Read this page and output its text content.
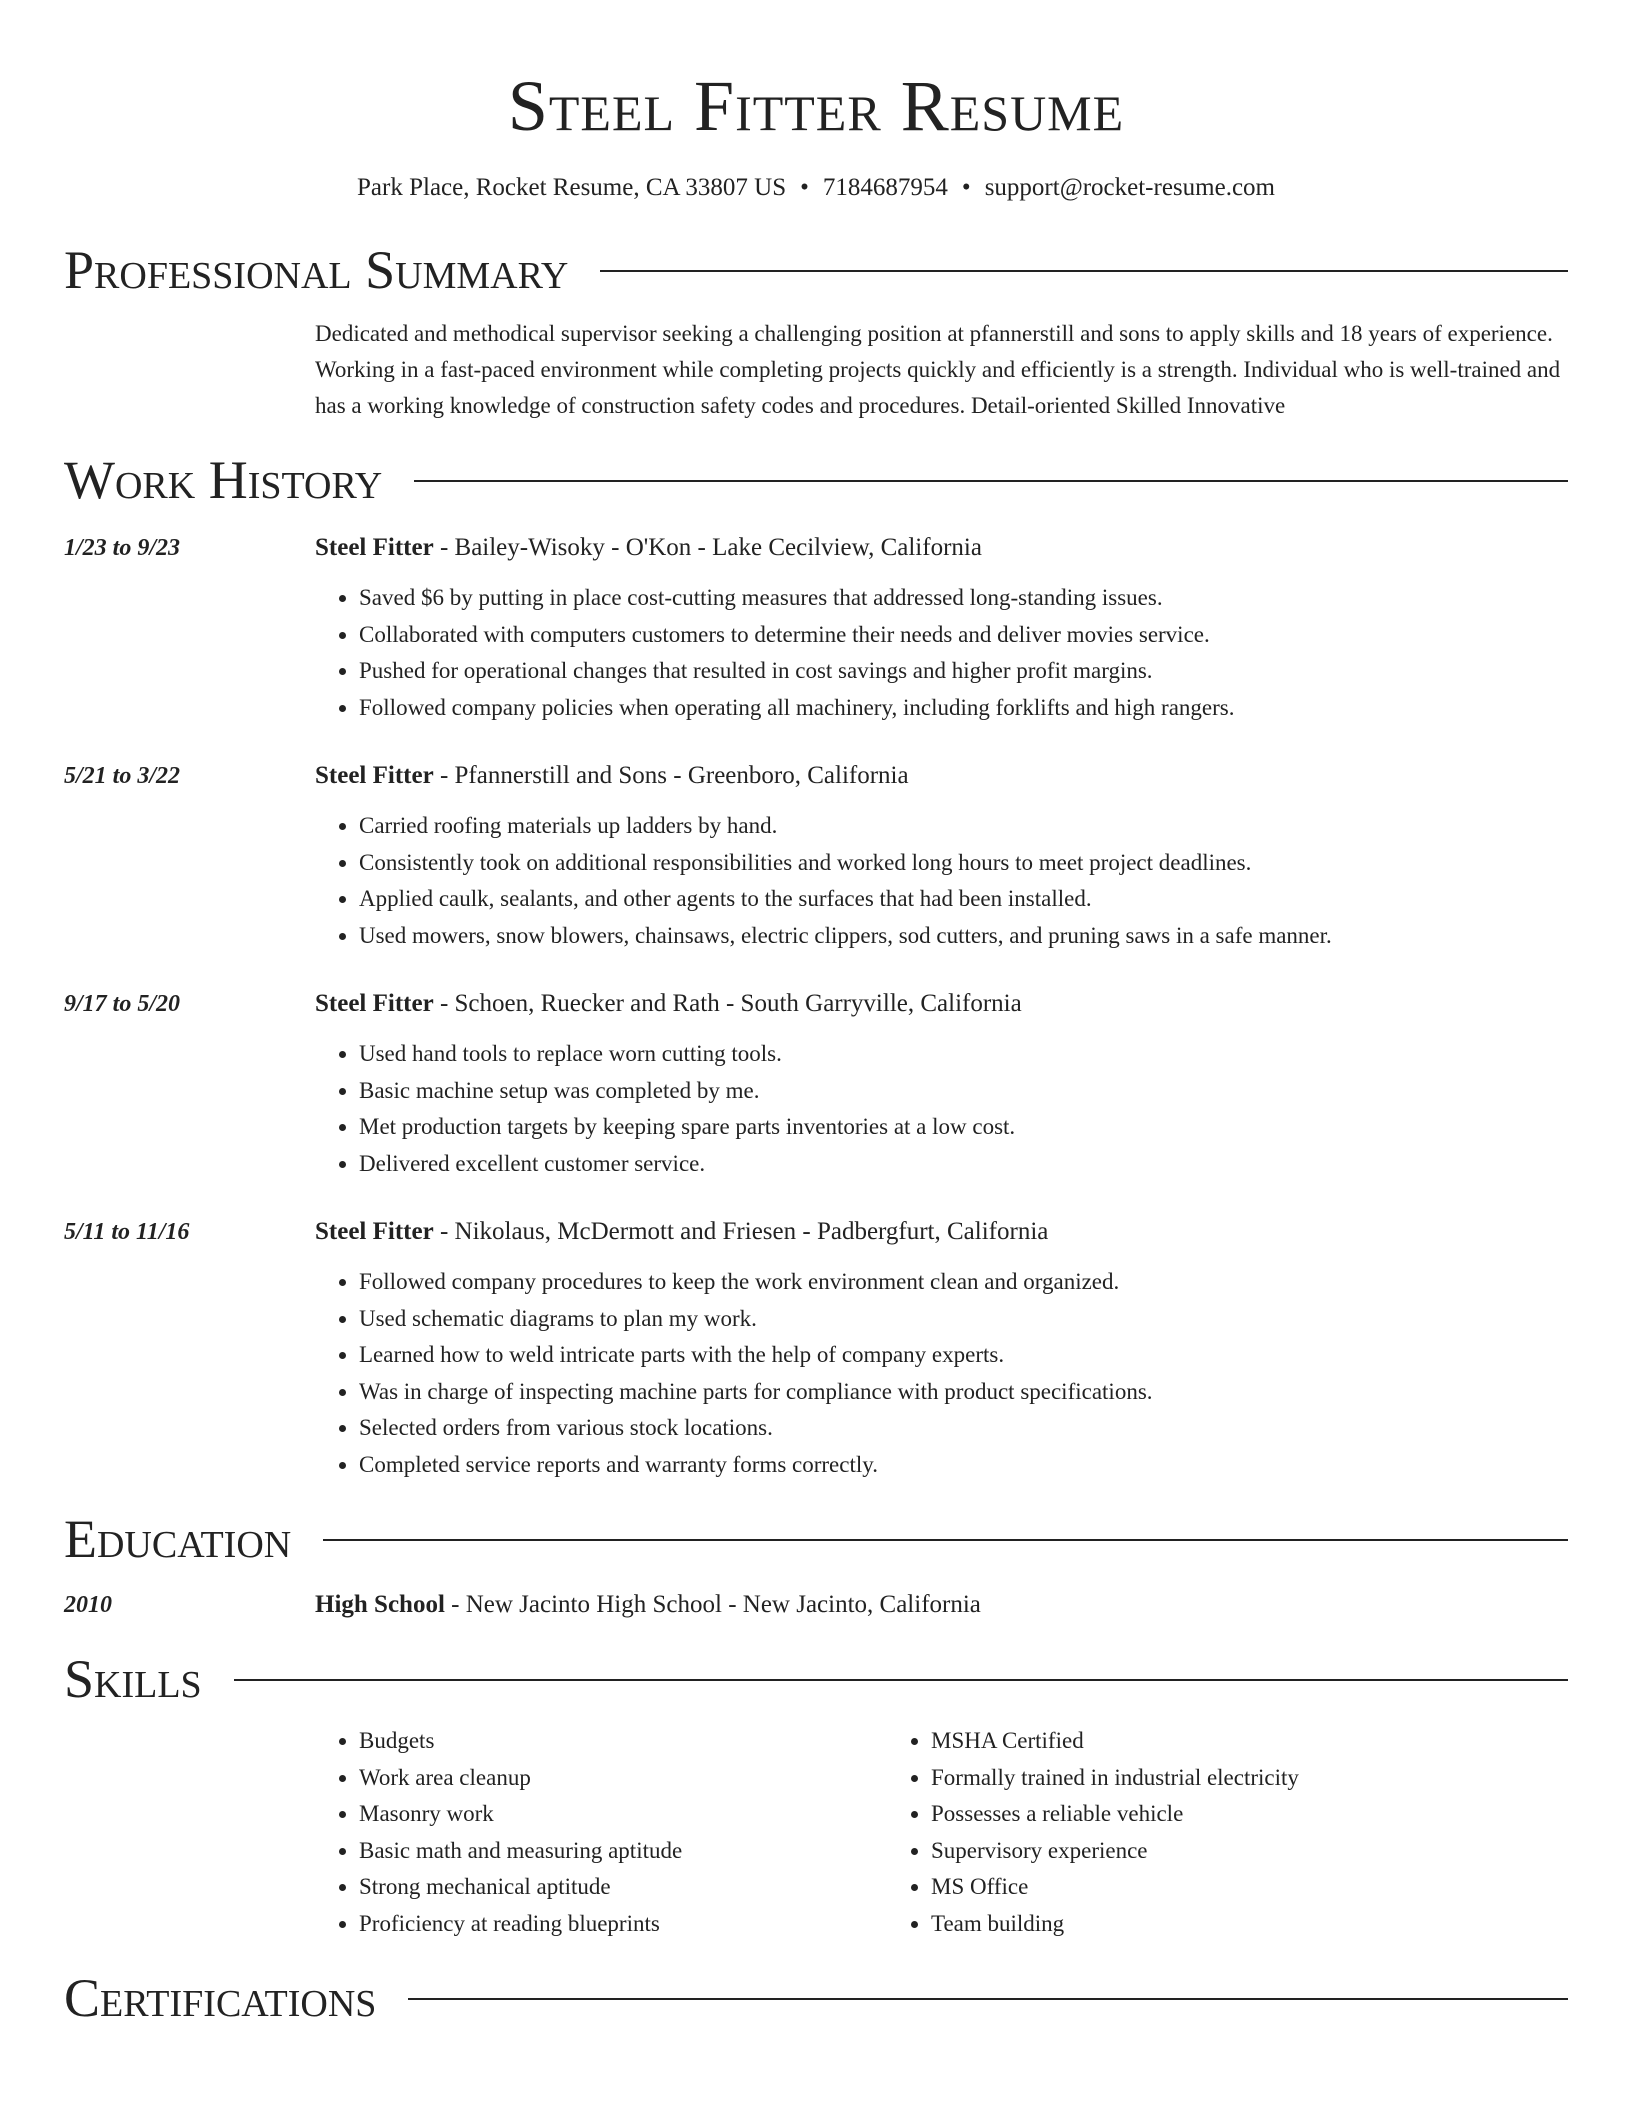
Steel Fitter Resume
Park Place, Rocket Resume, CA 33807 US • 7184687954 • support@rocket-resume.com
Professional Summary
Dedicated and methodical supervisor seeking a challenging position at pfannerstill and sons to apply skills and 18 years of experience. Working in a fast-paced environment while completing projects quickly and efficiently is a strength. Individual who is well-trained and has a working knowledge of construction safety codes and procedures. Detail-oriented Skilled Innovative
Work History
1/23 to 9/23	Steel Fitter - Bailey-Wisoky - O'Kon - Lake Cecilview, California
• Saved $6 by putting in place cost-cutting measures that addressed long-standing issues.
• Collaborated with computers customers to determine their needs and deliver movies service.
• Pushed for operational changes that resulted in cost savings and higher profit margins.
• Followed company policies when operating all machinery, including forklifts and high rangers.
5/21 to 3/22	Steel Fitter - Pfannerstill and Sons - Greenboro, California
• Carried roofing materials up ladders by hand.
• Consistently took on additional responsibilities and worked long hours to meet project deadlines.
• Applied caulk, sealants, and other agents to the surfaces that had been installed.
• Used mowers, snow blowers, chainsaws, electric clippers, sod cutters, and pruning saws in a safe manner.
9/17 to 5/20	Steel Fitter - Schoen, Ruecker and Rath - South Garryville, California
• Used hand tools to replace worn cutting tools.
• Basic machine setup was completed by me.
• Met production targets by keeping spare parts inventories at a low cost.
• Delivered excellent customer service.
5/11 to 11/16	Steel Fitter - Nikolaus, McDermott and Friesen - Padbergfurt, California
• Followed company procedures to keep the work environment clean and organized.
• Used schematic diagrams to plan my work.
• Learned how to weld intricate parts with the help of company experts.
• Was in charge of inspecting machine parts for compliance with product specifications.
• Selected orders from various stock locations.
• Completed service reports and warranty forms correctly.
Education
2010	High School - New Jacinto High School - New Jacinto, California
Skills
• Budgets
• Work area cleanup
• Masonry work
• Basic math and measuring aptitude
• Strong mechanical aptitude
• Proficiency at reading blueprints
• MSHA Certified
• Formally trained in industrial electricity
• Possesses a reliable vehicle
• Supervisory experience
• MS Office
• Team building
Certifications
